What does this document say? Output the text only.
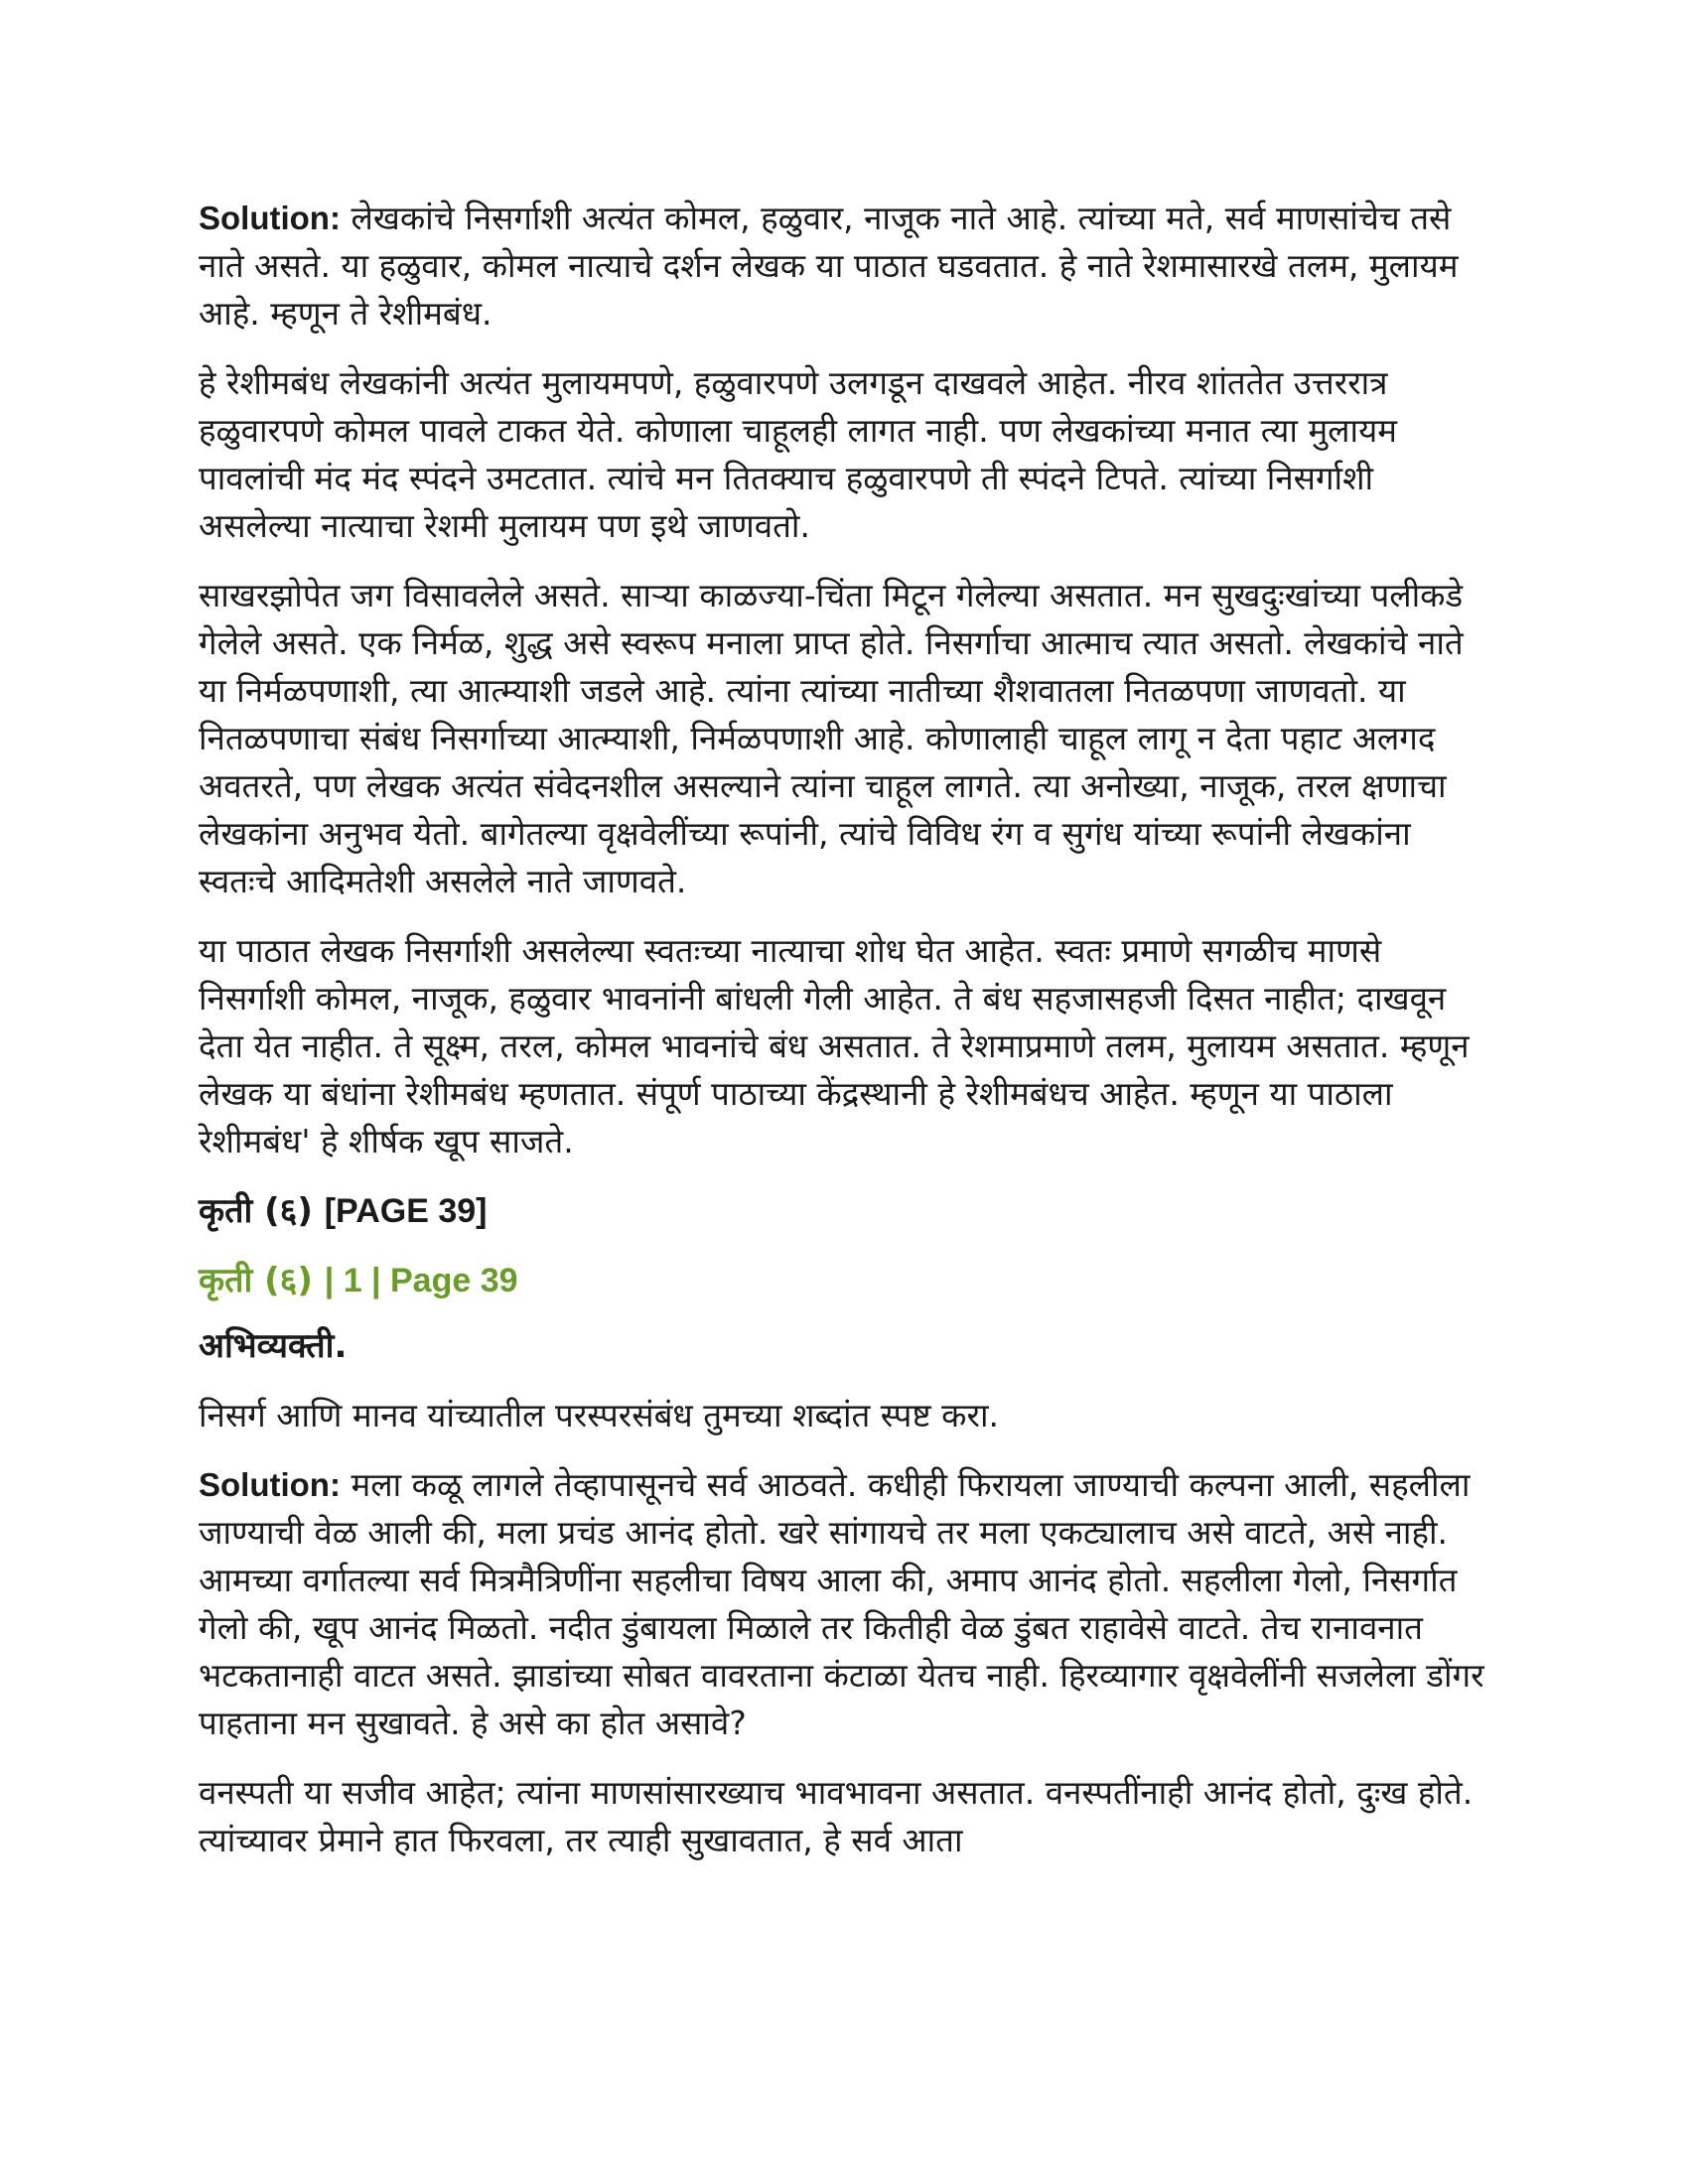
Solution: लेखकांचे निसर्गाशी अत्यंत कोमल, हळुवार, नाजूक नाते आहे. त्यांच्या मते, सर्व माणसांचेच तसे नाते असते. या हळुवार, कोमल नात्याचे दर्शन लेखक या पाठात घडवतात. हे नाते रेशमासारखे तलम, मुलायम आहे. म्हणून ते रेशीमबंध.

हे रेशीमबंध लेखकांनी अत्यंत मुलायमपणे, हळुवारपणे उलगडून दाखवले आहेत. नीरव शांततेत उत्तररात्र हळुवारपणे कोमल पावले टाकत येते. कोणाला चाहूलही लागत नाही. पण लेखकांच्या मनात त्या मुलायम पावलांची मंद मंद स्पंदने उमटतात. त्यांचे मन तितक्याच हळुवारपणे ती स्पंदने टिपते. त्यांच्या निसर्गाशी असलेल्या नात्याचा रेशमी मुलायम पण इथे जाणवतो.

साखरझोपेत जग विसावलेले असते. साऱ्या काळज्या-चिंता मिटून गेलेल्या असतात. मन सुखदुःखांच्या पलीकडे गेलेले असते. एक निर्मळ, शुद्ध असे स्वरूप मनाला प्राप्त होते. निसर्गाचा आत्माच त्यात असतो. लेखकांचे नाते या निर्मळपणाशी, त्या आत्म्याशी जडले आहे. त्यांना त्यांच्या नातीच्या शैशवातला नितळपणा जाणवतो. या नितळपणाचा संबंध निसर्गाच्या आत्म्याशी, निर्मळपणाशी आहे. कोणालाही चाहूल लागू न देता पहाट अलगद अवतरते, पण लेखक अत्यंत संवेदनशील असल्याने त्यांना चाहूल लागते. त्या अनोख्या, नाजूक, तरल क्षणाचा लेखकांना अनुभव येतो. बागेतल्या वृक्षवेलींच्या रूपांनी, त्यांचे विविध रंग व सुगंध यांच्या रूपांनी लेखकांना स्वतःचे आदिमतेशी असलेले नाते जाणवते.

या पाठात लेखक निसर्गाशी असलेल्या स्वतःच्या नात्याचा शोध घेत आहेत. स्वतः प्रमाणे सगळीच माणसे निसर्गाशी कोमल, नाजूक, हळुवार भावनांनी बांधली गेली आहेत. ते बंध सहजासहजी दिसत नाहीत; दाखवून देता येत नाहीत. ते सूक्ष्म, तरल, कोमल भावनांचे बंध असतात. ते रेशमाप्रमाणे तलम, मुलायम असतात. म्हणून लेखक या बंधांना रेशीमबंध म्हणतात. संपूर्ण पाठाच्या केंद्रस्थानी हे रेशीमबंधच आहेत. म्हणून या पाठाला रेशीमबंध' हे शीर्षक खूप साजते.

कृती (६) [PAGE 39]
कृती (६) | 1 | Page 39
अभिव्यक्ती.

निसर्ग आणि मानव यांच्यातील परस्परसंबंध तुमच्या शब्दांत स्पष्ट करा.

Solution: मला कळू लागले तेव्हापासूनचे सर्व आठवते. कधीही फिरायला जाण्याची कल्पना आली, सहलीला जाण्याची वेळ आली की, मला प्रचंड आनंद होतो. खरे सांगायचे तर मला एकट्यालाच असे वाटते, असे नाही. आमच्या वर्गातल्या सर्व मित्रमैत्रिणींना सहलीचा विषय आला की, अमाप आनंद होतो. सहलीला गेलो, निसर्गात गेलो की, खूप आनंद मिळतो. नदीत डुंबायला मिळाले तर कितीही वेळ डुंबत राहावेसे वाटते. तेच रानावनात भटकतानाही वाटत असते. झाडांच्या सोबत वावरताना कंटाळा येतच नाही. हिरव्यागार वृक्षवेलींनी सजलेला डोंगर पाहताना मन सुखावते. हे असे का होत असावे?

वनस्पती या सजीव आहेत; त्यांना माणसांसारख्याच भावभावना असतात. वनस्पतींनाही आनंद होतो, दुःख होते. त्यांच्यावर प्रेमाने हात फिरवला, तर त्याही सुखावतात, हे सर्व आता
